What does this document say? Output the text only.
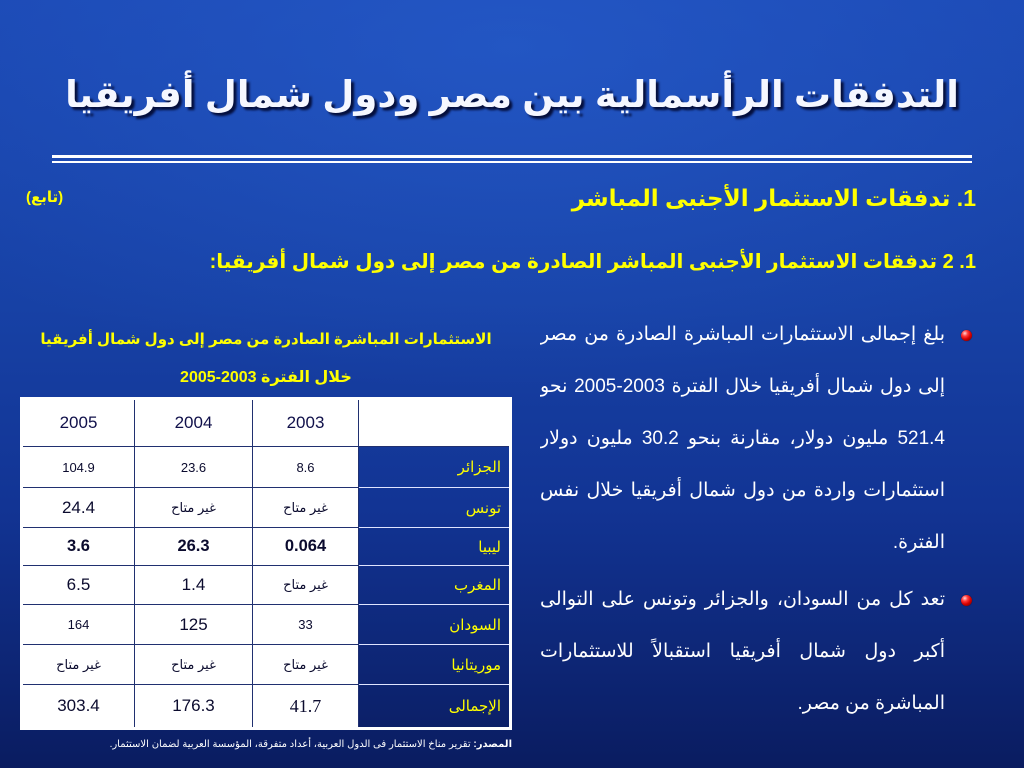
التدفقات الرأسمالية بين مصر ودول شمال أفريقيا
(تابع)	1. تدفقات الاستثمار الأجنبى المباشر
1. 2 تدفقات الاستثمار الأجنبى المباشر الصادرة من مصر إلى دول شمال أفريقيا:
بلغ إجمالى الاستثمارات المباشرة الصادرة من مصر إلى دول شمال أفريقيا خلال الفترة 2003-2005 نحو 521.4 مليون دولار، مقارنة بنحو 30.2 مليون دولار استثمارات واردة من دول شمال أفريقيا خلال نفس الفترة.
تعد كل من السودان، والجزائر وتونس على التوالى أكبر دول شمال أفريقيا استقبالاً للاستثمارات المباشرة من مصر.
الاستثمارات المباشرة الصادرة من مصر إلى دول شمال أفريقيا
خلال الفترة 2003-2005
	2003	2004	2005
الجزائر	8.6	23.6	104.9
تونس	غير متاح	غير متاح	24.4
ليبيا	0.064	26.3	3.6
المغرب	غير متاح	1.4	6.5
السودان	33	125	164
موريتانيا	غير متاح	غير متاح	غير متاح
الإجمالى	41.7	176.3	303.4
المصدر: تقرير مناخ الاستثمار فى الدول العربية، أعداد متفرقة، المؤسسة العربية لضمان الاستثمار.
